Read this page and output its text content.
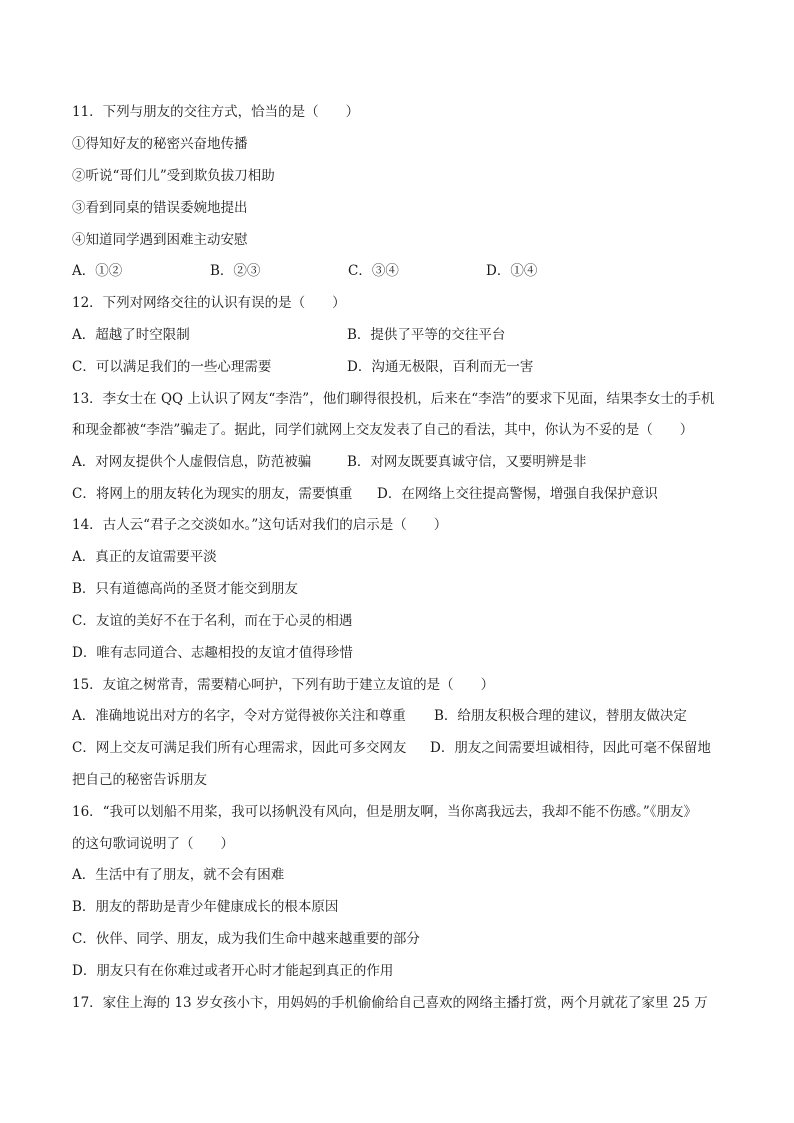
11．下列与朋友的交往方式，恰当的是（　　）
①得知好友的秘密兴奋地传播
②听说“哥们儿”受到欺负拔刀相助
③看到同桌的错误委婉地提出
④知道同学遇到困难主动安慰
A．①②	B．②③	C．③④	D．①④
12．下列对网络交往的认识有误的是（　　）
A．超越了时空限制	B．提供了平等的交往平台
C．可以满足我们的一些心理需要	D．沟通无极限，百利而无一害
13．李女士在 QQ 上认识了网友“李浩”，他们聊得很投机，后来在“李浩”的要求下见面，结果李女士的手机
和现金都被“李浩”骗走了。据此，同学们就网上交友发表了自己的看法，其中，你认为不妥的是（　　）
A．对网友提供个人虚假信息，防范被骗	B．对网友既要真诚守信，又要明辨是非
C．将网上的朋友转化为现实的朋友，需要慎重 D．在网络上交往提高警惕，增强自我保护意识
14．古人云“君子之交淡如水。”这句话对我们的启示是（　　）
A．真正的友谊需要平淡
B．只有道德高尚的圣贤才能交到朋友
C．友谊的美好不在于名利，而在于心灵的相遇
D．唯有志同道合、志趣相投的友谊才值得珍惜
15．友谊之树常青，需要精心呵护，下列有助于建立友谊的是（　　）
A．准确地说出对方的名字，令对方觉得被你关注和尊重 B．给朋友积极合理的建议，替朋友做决定
C．网上交友可满足我们所有心理需求，因此可多交网友 D．朋友之间需要坦诚相待，因此可毫不保留地
把自己的秘密告诉朋友
16．“我可以划船不用桨，我可以扬帆没有风向，但是朋友啊，当你离我远去，我却不能不伤感。”《朋友》
的这句歌词说明了（　　）
A．生活中有了朋友，就不会有困难
B．朋友的帮助是青少年健康成长的根本原因
C．伙伴、同学、朋友，成为我们生命中越来越重要的部分
D．朋友只有在你难过或者开心时才能起到真正的作用
17．家住上海的 13 岁女孩小卞，用妈妈的手机偷偷给自己喜欢的网络主播打赏，两个月就花了家里 25 万
